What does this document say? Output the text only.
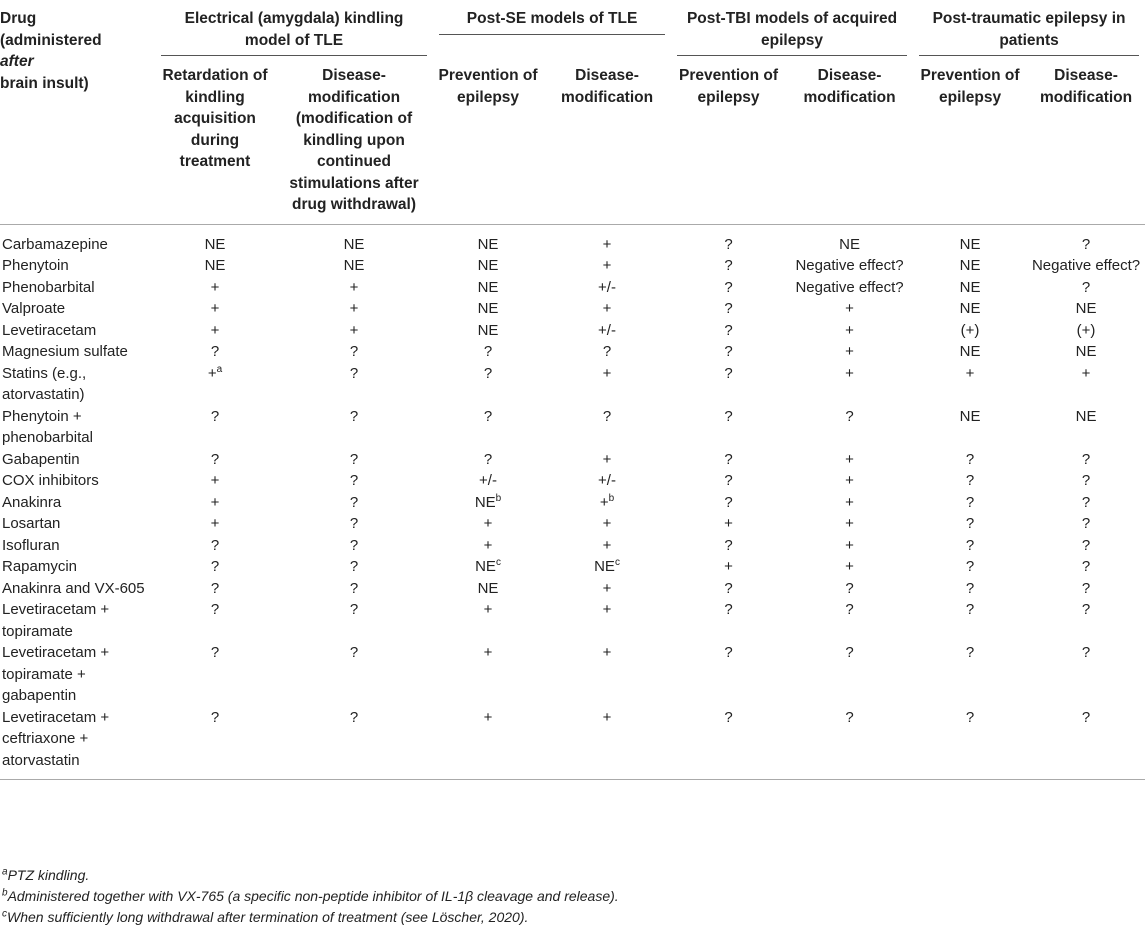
Drug
(administered
after
brain insult)	Electrical (amygdala) kindling model of TLE		Post-SE models of TLE		Post-TBI models of acquired epilepsy		Post-traumatic epilepsy in patients	

	Retardation of kindling acquisition during treatment	Disease-modification (modification of kindling upon continued stimulations after drug withdrawal)	Prevention of epilepsy	Disease-modification	Prevention of epilepsy	Disease-modification	Prevention of epilepsy	Disease-modification
Carbamazepine	NE	NE	NE	+	?	NE	NE	?
Phenytoin	NE	NE	NE	+	?	Negative effect?	NE	Negative effect?
Phenobarbital	+	+	NE	+/-	?	Negative effect?	NE	?
Valproate	+	+	NE	+	?	+	NE	NE
Levetiracetam	+	+	NE	+/-	?	+	(+)	(+)
Magnesium sulfate	?	?	?	?	?	+	NE	NE
Statins (e.g., atorvastatin)	+$^a$	?	?	+	?	+	+	+
Phenytoin + phenobarbital	?	?	?	?	?	?	NE	NE
Gabapentin	?	?	?	+	?	+	?	?
COX inhibitors	+	?	+/-	+/-	?	+	?	?
Anakinra	+	?	$NE^b$	+$^b$	?	+	?	?
Losartan	+	?	+	+	+	+	?	?
Isofluran	?	?	+	+	?	+	?	?
Rapamycin	?	?	$NE^c$	$NE^c$	+	+	?	?
Anakinra and VX-605	?	?	NE	+	?	?	?	?
Levetiracetam + topiramate	?	?	+	+	?	?	?	?
Levetiracetam + topiramate + gabapentin	?	?	+	+	?	?	?	?
Levetiracetam + ceftriaxone + atorvastatin	?	?	+	+	?	?	?	?
$^a$PTZ kindling.
$^b$Administered together with VX-765 (a specific non-peptide inhibitor of IL-1β cleavage and release).
$^c$When sufficiently long withdrawal after termination of treatment (see Löscher, 2020).
